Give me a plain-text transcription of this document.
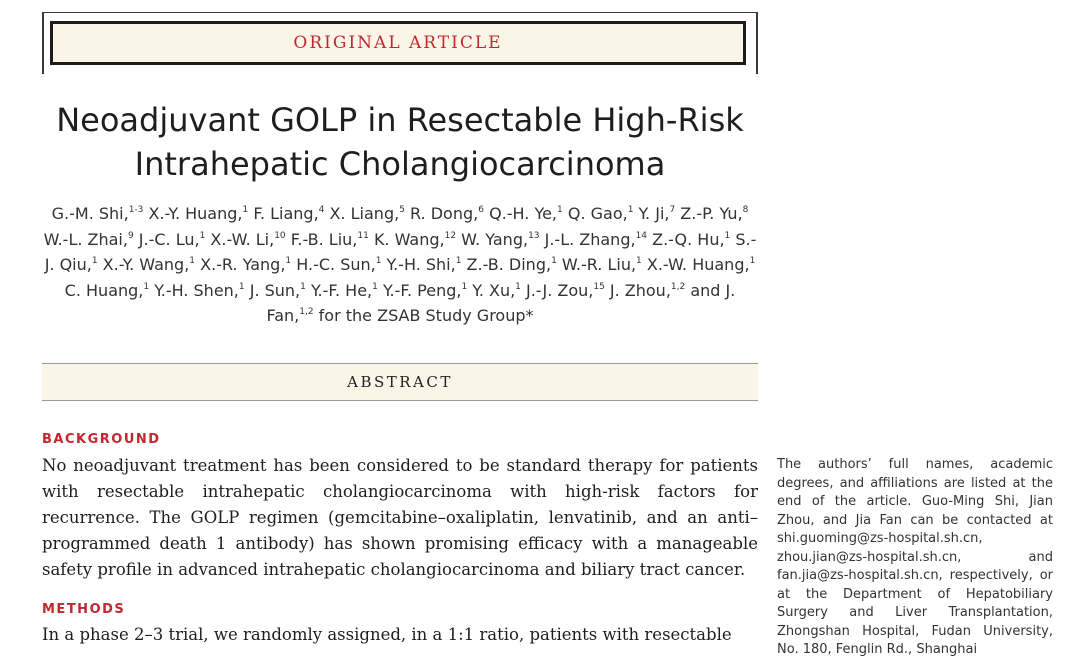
ORIGINAL ARTICLE
Neoadjuvant GOLP in Resectable High-Risk
Intrahepatic Cholangiocarcinoma
G.-M. Shi,$^{1-3}$ X.-Y. Huang,$^1$ F. Liang,$^4$ X. Liang,$^5$ R. Dong,$^6$ Q.-H. Ye,$^1$ Q. Gao,$^1$ Y. Ji,$^7$ Z.-P. Yu,$^8$ W.-L. Zhai,$^9$ J.-C. Lu,$^1$ X.-W. Li,$^{10}$ F.-B. Liu,$^{11}$ K. Wang,$^{12}$ W. Yang,$^{13}$ J.-L. Zhang,$^{14}$ Z.-Q. Hu,$^1$ S.-J. Qiu,$^1$ X.-Y. Wang,$^1$ X.-R. Yang,$^1$ H.-C. Sun,$^1$ Y.-H. Shi,$^1$ Z.-B. Ding,$^1$ W.-R. Liu,$^1$ X.-W. Huang,$^1$ C. Huang,$^1$ Y.-H. Shen,$^1$ J. Sun,$^1$ Y.-F. He,$^1$ Y.-F. Peng,$^1$ Y. Xu,$^1$ J.-J. Zou,$^{15}$ J. Zhou,$^{1,2}$ and J. Fan,$^{1,2}$ for the ZSAB Study Group*
ABSTRACT
BACKGROUND

No neoadjuvant treatment has been considered to be standard therapy for patients with resectable intrahepatic cholangiocarcinoma with high-risk factors for recurrence. The GOLP regimen (gemcitabine–oxaliplatin, lenvatinib, and an anti–programmed death 1 antibody) has shown promising efficacy with a manageable safety profile in advanced intrahepatic cholangiocarcinoma and biliary tract cancer.

METHODS

In a phase 2–3 trial, we randomly assigned, in a 1:1 ratio, patients with resectable

The authors’ full names, academic degrees, and affiliations are listed at the end of the article. Guo-Ming Shi, Jian Zhou, and Jia Fan can be contacted at shi.guoming@zs-hospital.sh.cn, zhou.jian@zs-hospital.sh.cn, and fan.jia@zs-hospital.sh.cn, respectively, or at the Department of Hepatobiliary Surgery and Liver Transplantation, Zhongshan Hospital, Fudan University, No. 180, Fenglin Rd., Shanghai
